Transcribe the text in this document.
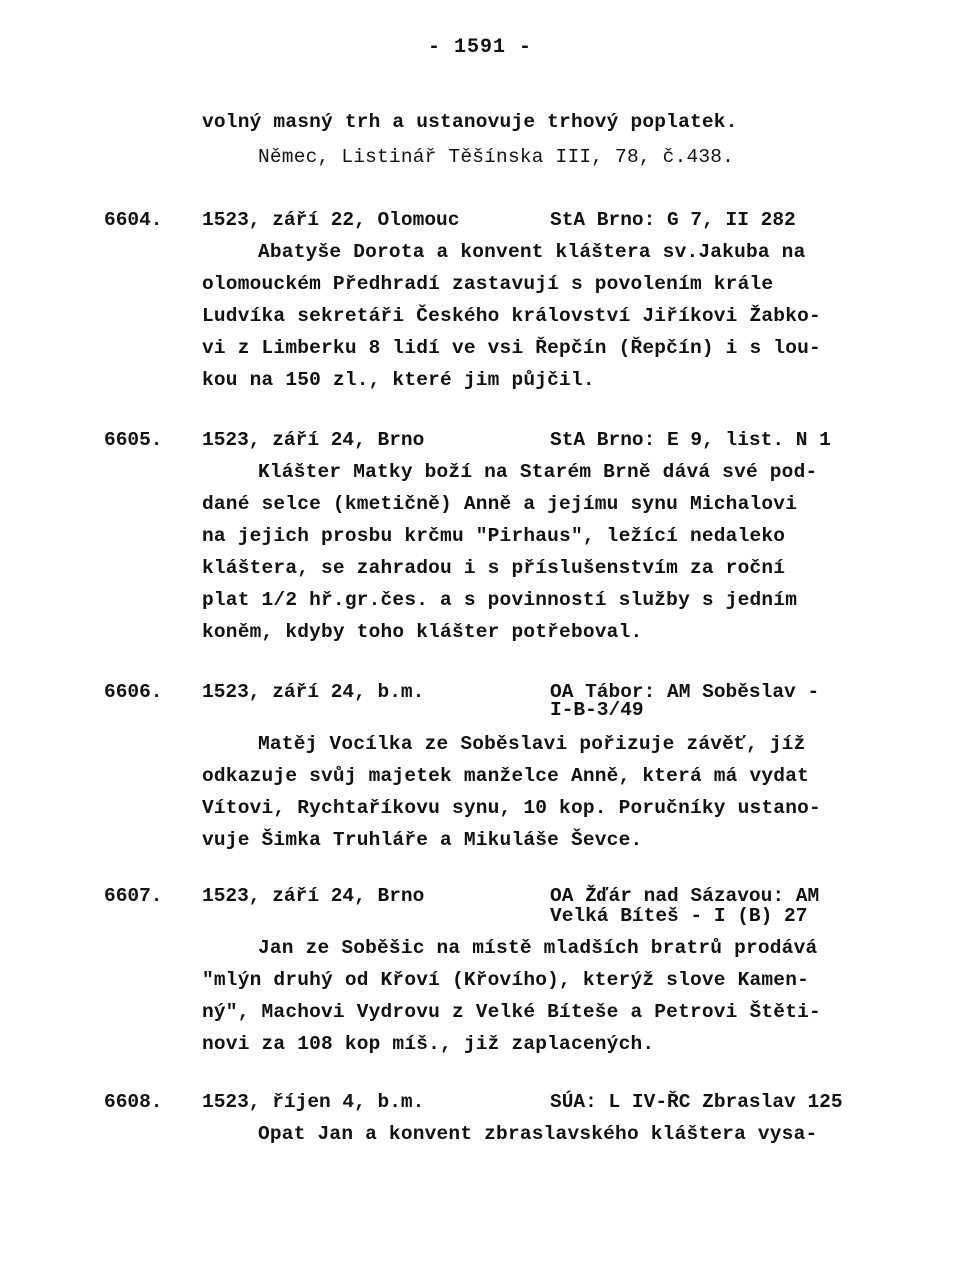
- 1591 -
volný masný trh a ustanovuje trhový poplatek.
Němec, Listinář Těšínska III, 78, č.438.
6604. 1523, září 22, Olomouc	StA Brno: G 7, II 282
Abatyše Dorota a konvent kláštera sv.Jakuba na
olomouckém Předhradí zastavují s povolením krále
Ludvíka sekretáři Českého království Jiříkovi Žabko-
vi z Limberku 8 lidí ve vsi Řepčín (Řepčín) i s lou-
kou na 150 zl., které jim půjčil.
6605. 1523, září 24, Brno	StA Brno: E 9, list. N 1
Klášter Matky boží na Starém Brně dává své pod-
dané selce (kmetičně) Anně a jejímu synu Michalovi
na jejich prosbu krčmu "Pirhaus", ležící nedaleko
kláštera, se zahradou i s příslušenstvím za roční
plat 1/2 hř.gr.čes. a s povinností služby s jedním
koněm, kdyby toho klášter potřeboval.
6606. 1523, září 24, b.m.	OA Tábor: AM Soběslav -
I-B-3/49
Matěj Vocílka ze Soběslavi pořizuje závěť, jíž
odkazuje svůj majetek manželce Anně, která má vydat
Vítovi, Rychtaříkovu synu, 10 kop. Poručníky ustano-
vuje Šimka Truhláře a Mikuláše Ševce.
6607. 1523, září 24, Brno	OA Žďár nad Sázavou: AM
Velká Bíteš - I (B) 27
Jan ze Soběšic na místě mladších bratrů prodává
"mlýn druhý od Křoví (Křovího), kterýž slove Kamen-
ný", Machovi Vydrovu z Velké Bíteše a Petrovi Štěti-
novi za 108 kop míš., již zaplacených.
6608. 1523, říjen 4, b.m.	SÚA: L IV-ŘC Zbraslav 125
Opat Jan a konvent zbraslavského kláštera vysa-
